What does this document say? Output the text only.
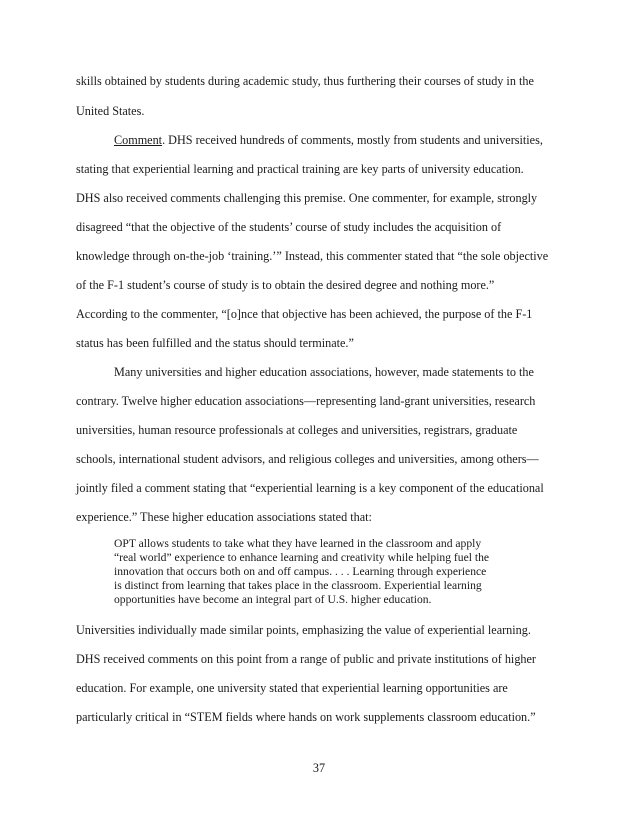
skills obtained by students during academic study, thus furthering their courses of study in the
United States.
Comment. DHS received hundreds of comments, mostly from students and universities,
stating that experiential learning and practical training are key parts of university education.
DHS also received comments challenging this premise. One commenter, for example, strongly
disagreed “that the objective of the students’ course of study includes the acquisition of
knowledge through on-the-job ‘training.’” Instead, this commenter stated that “the sole objective
of the F-1 student’s course of study is to obtain the desired degree and nothing more.”
According to the commenter, “[o]nce that objective has been achieved, the purpose of the F-1
status has been fulfilled and the status should terminate.”
Many universities and higher education associations, however, made statements to the
contrary. Twelve higher education associations—representing land-grant universities, research
universities, human resource professionals at colleges and universities, registrars, graduate
schools, international student advisors, and religious colleges and universities, among others—
jointly filed a comment stating that “experiential learning is a key component of the educational
experience.” These higher education associations stated that:
OPT allows students to take what they have learned in the classroom and apply
“real world” experience to enhance learning and creativity while helping fuel the
innovation that occurs both on and off campus. . . . Learning through experience
is distinct from learning that takes place in the classroom. Experiential learning
opportunities have become an integral part of U.S. higher education.
Universities individually made similar points, emphasizing the value of experiential learning.
DHS received comments on this point from a range of public and private institutions of higher
education. For example, one university stated that experiential learning opportunities are
particularly critical in “STEM fields where hands on work supplements classroom education.”
37
